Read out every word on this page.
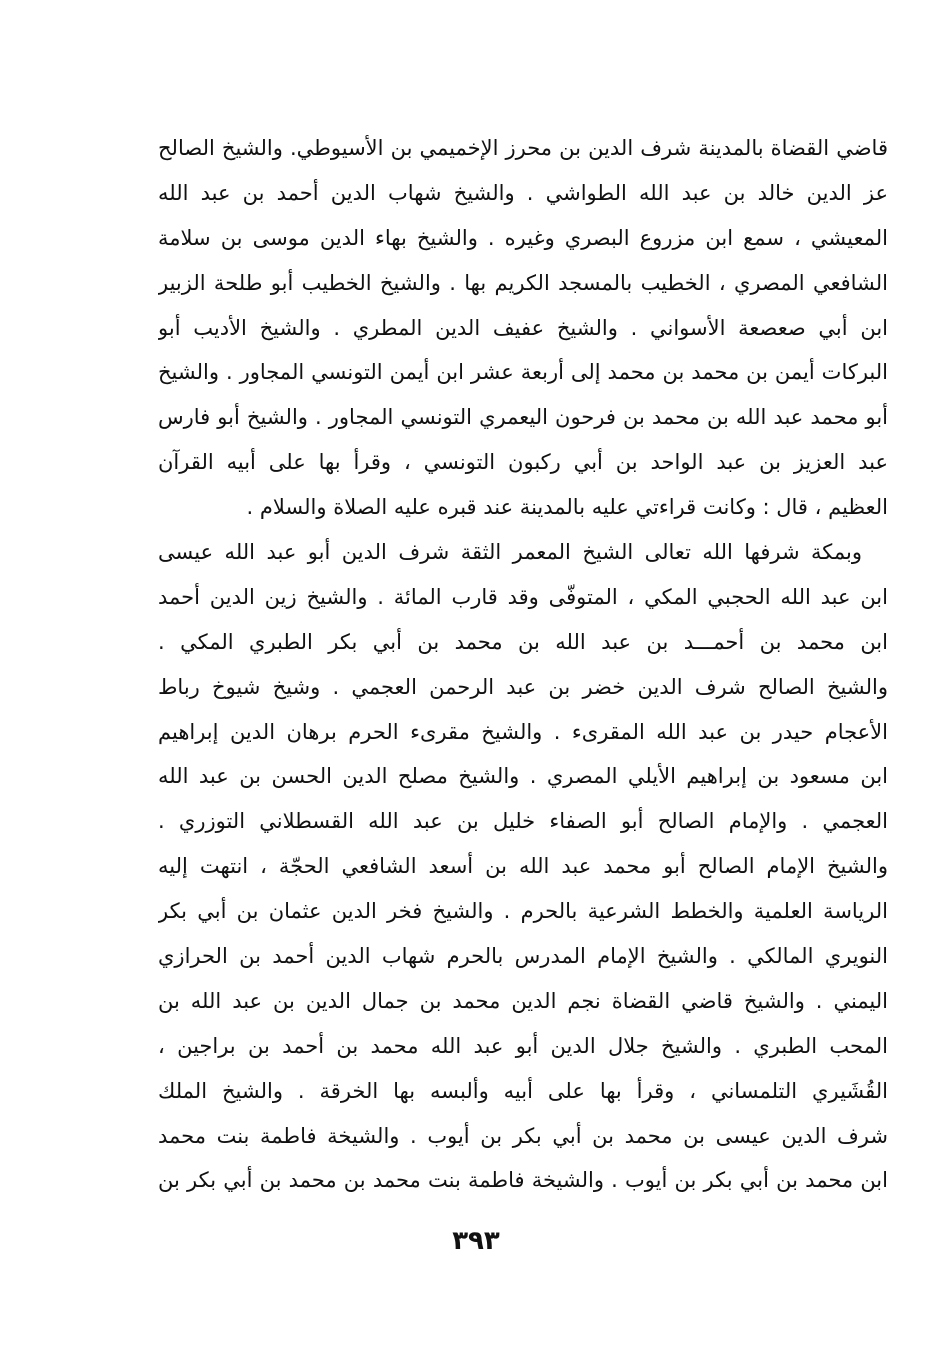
قاضي القضاة بالمدينة شرف الدين بن محرز الإخميمي بن الأسيوطي. والشيخ الصالح
عز الدين خالد بن عبد الله الطواشي . والشيخ شهاب الدين أحمد بن عبد الله
المعيشي ، سمع ابن مزروع البصري وغيره . والشيخ بهاء الدين موسى بن سلامة
الشافعي المصري ، الخطيب بالمسجد الكريم بها . والشيخ الخطيب أبو طلحة الزبير
ابن أبي صعصعة الأسواني . والشيخ عفيف الدين المطري . والشيخ الأديب أبو
البركات أيمن بن محمد بن محمد إلى أربعة عشر ابن أيمن التونسي المجاور . والشيخ
أبو محمد عبد الله بن محمد بن فرحون اليعمري التونسي المجاور . والشيخ أبو فارس
عبد العزيز بن عبد الواحد بن أبي ركبون التونسي ، وقرأ بها على أبيه القرآن
العظيم ، قال : وكانت قراءتي عليه بالمدينة عند قبره عليه الصلاة والسلام .
وبمكة شرفها الله تعالى الشيخ المعمر الثقة شرف الدين أبو عبد الله عيسى
ابن عبد الله الحجبي المكي ، المتوفّى وقد قارب المائة . والشيخ زين الدين أحمد
ابن محمد بن أحمـــد بن عبد الله بن محمد بن أبي بكر الطبري المكي .
والشيخ الصالح شرف الدين خضر بن عبد الرحمن العجمي . وشيخ شيوخ رباط
الأعجام حيدر بن عبد الله المقرىء . والشيخ مقرىء الحرم برهان الدين إبراهيم
ابن مسعود بن إبراهيم الأيلي المصري . والشيخ مصلح الدين الحسن بن عبد الله
العجمي . والإمام الصالح أبو الصفاء خليل بن عبد الله القسطلاني التوزري .
والشيخ الإمام الصالح أبو محمد عبد الله بن أسعد الشافعي الحجّة ، انتهت إليه
الرياسة العلمية والخطط الشرعية بالحرم . والشيخ فخر الدين عثمان بن أبي بكر
النويري المالكي . والشيخ الإمام المدرس بالحرم شهاب الدين أحمد بن الحرازي
اليمني . والشيخ قاضي القضاة نجم الدين محمد بن جمال الدين بن عبد الله بن
المحب الطبري . والشيخ جلال الدين أبو عبد الله محمد بن أحمد بن براجين ،
القُشَيري التلمساني ، وقرأ بها على أبيه وألبسه بها الخرقة . والشيخ الملك
شرف الدين عيسى بن محمد بن أبي بكر بن أيوب . والشيخة فاطمة بنت محمد
ابن محمد بن أبي بكر بن أيوب . والشيخة فاطمة بنت محمد بن محمد بن أبي بكر بن
٣٩٣
